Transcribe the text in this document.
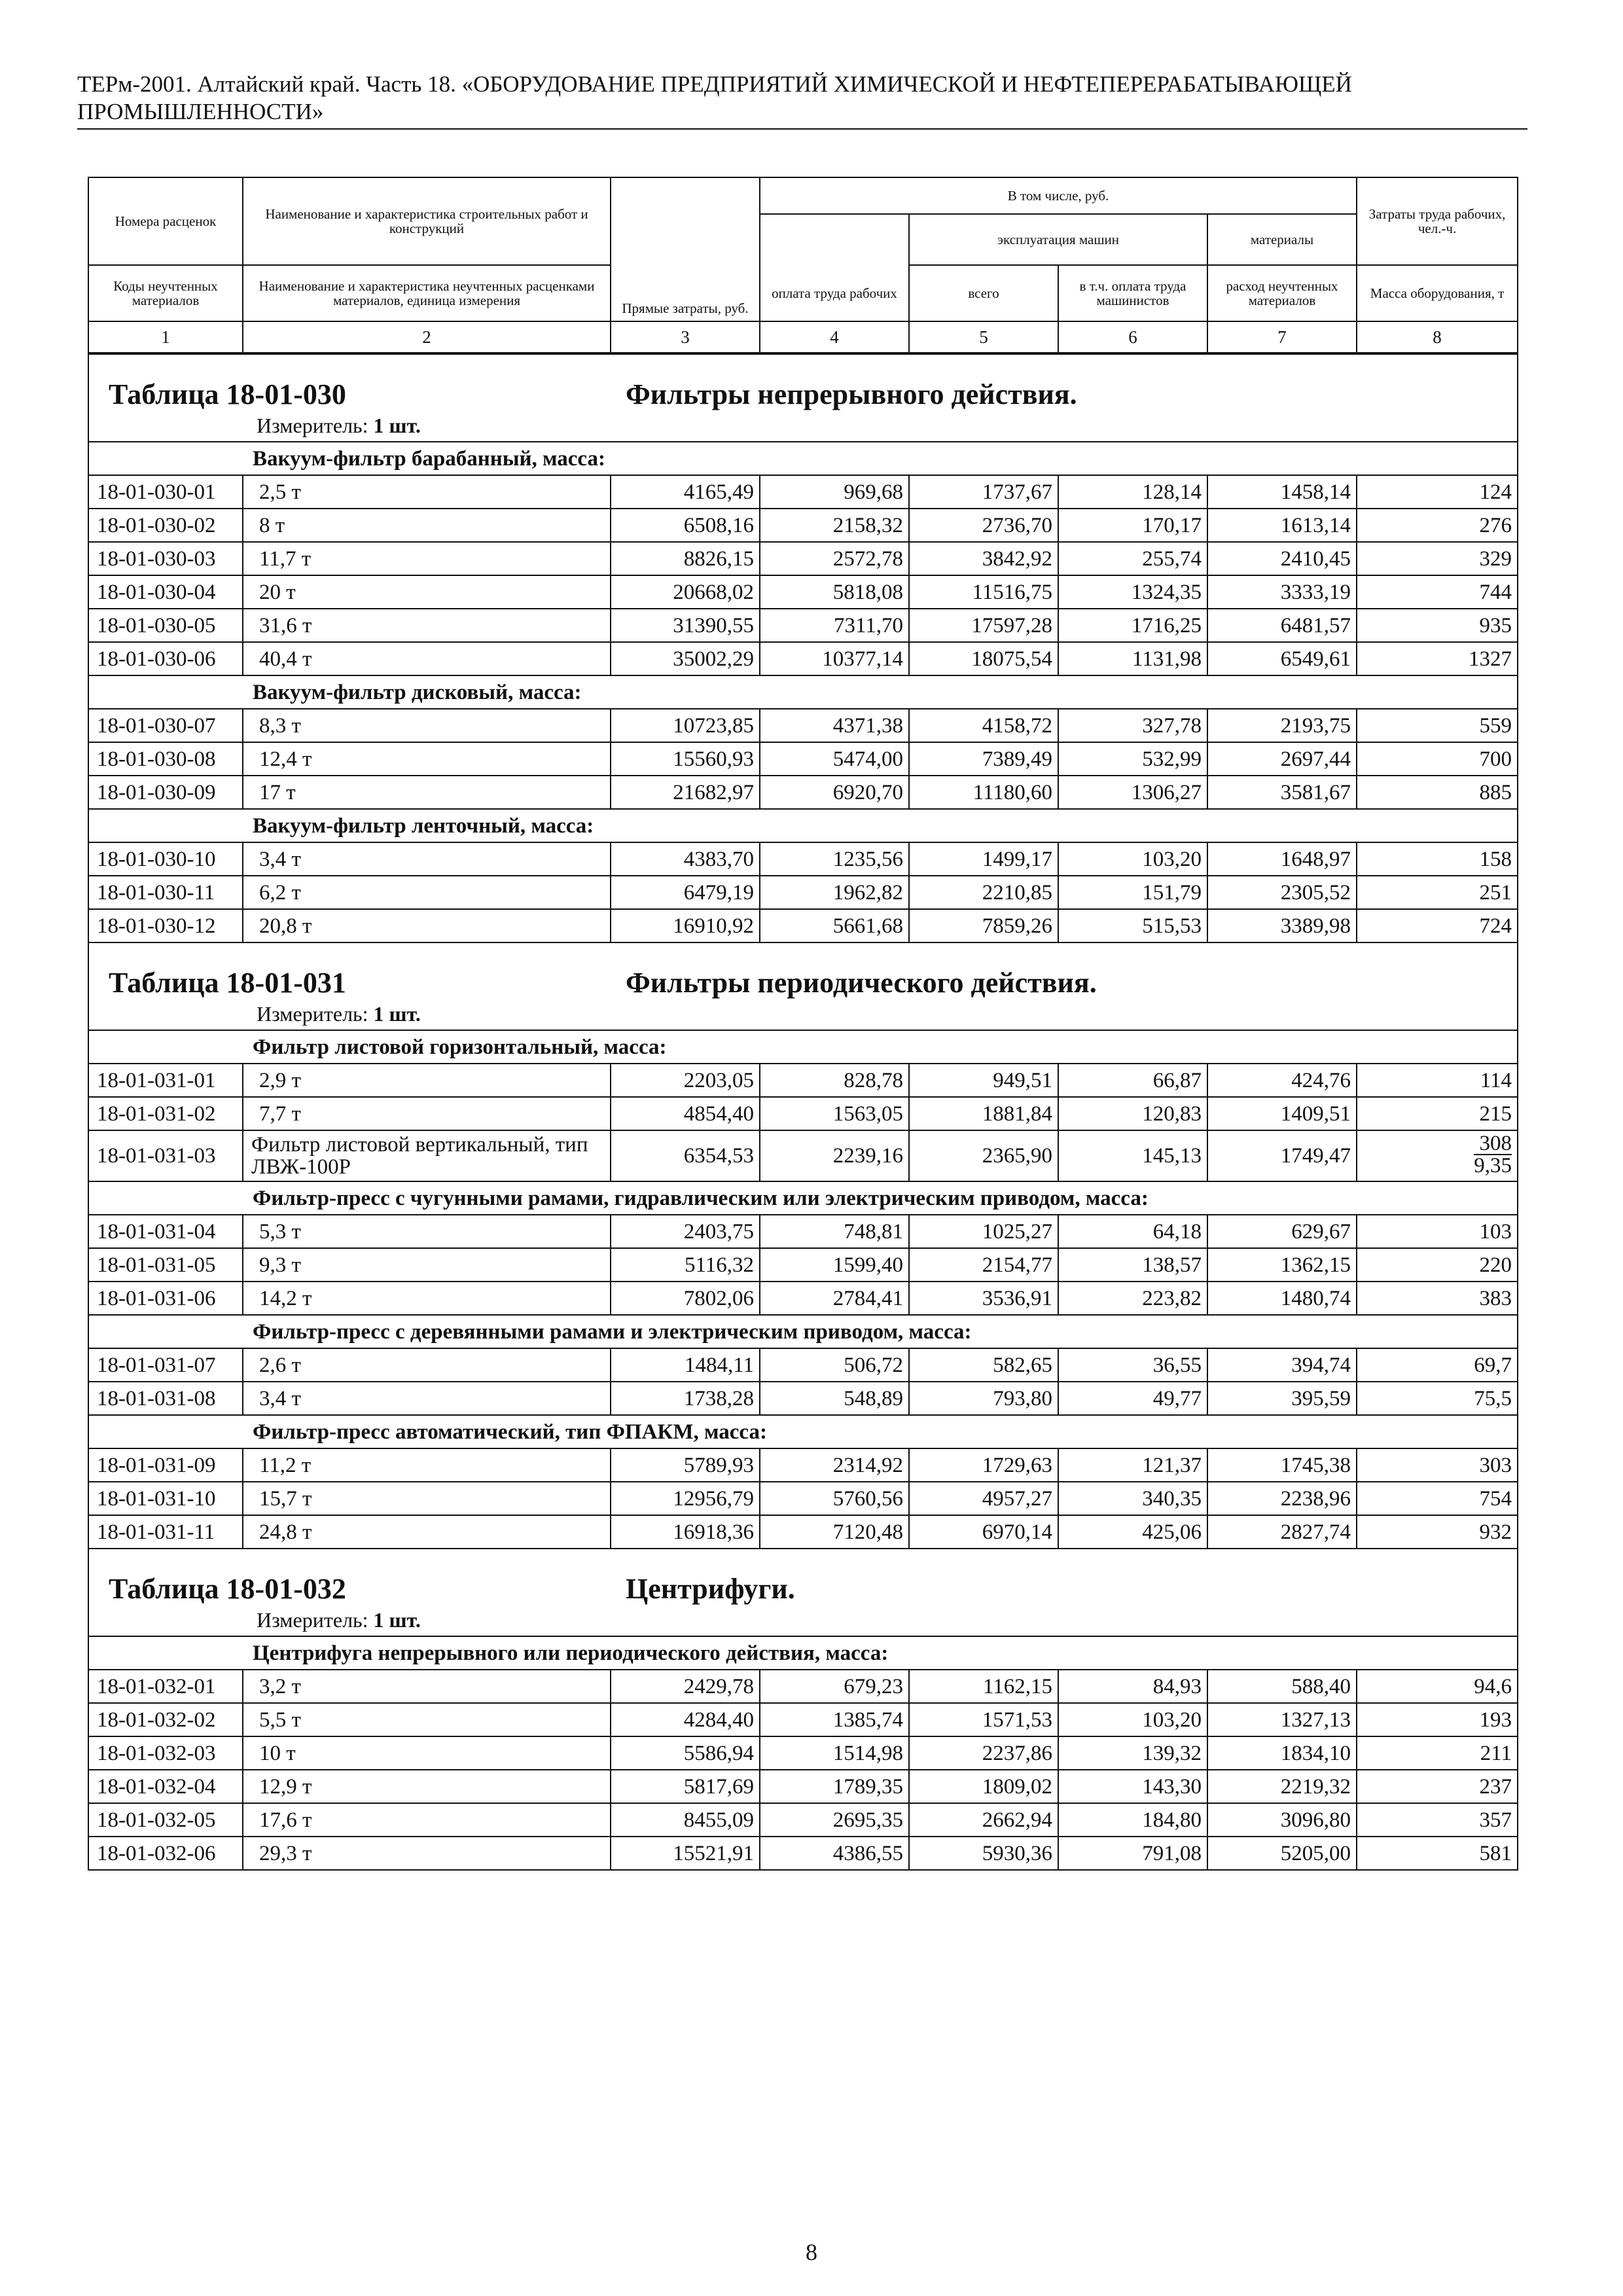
ТЕРм-2001. Алтайский край. Часть 18. «ОБОРУДОВАНИЕ ПРЕДПРИЯТИЙ ХИМИЧЕСКОЙ И НЕФТЕПЕРЕРАБАТЫВАЮЩЕЙ ПРОМЫШЛЕННОСТИ»
Номера расценок	Наименование и характеристика строительных работ и конструкций	Прямые затраты, руб.	В том числе, руб.				Затраты труда рабочих, чел.-ч.
				эксплуатация машин		материалы	
Коды неучтенных материалов	Наименование и характеристика неучтенных расценками материалов, единица измерения		оплата труда рабочих	всего	в т.ч. оплата труда машинистов	расход неучтенных материалов	Масса оборудования, т
1	2	3	4	5	6	7	8
Таблица 18-01-030 Фильтры непрерывного действия.							

Измеритель: 1 шт.							

Вакуум-фильтр барабанный, масса:							
18-01-030-01	2,5 т	4165,49	969,68	1737,67	128,14	1458,14	124
18-01-030-02	8 т	6508,16	2158,32	2736,70	170,17	1613,14	276
18-01-030-03	11,7 т	8826,15	2572,78	3842,92	255,74	2410,45	329
18-01-030-04	20 т	20668,02	5818,08	11516,75	1324,35	3333,19	744
18-01-030-05	31,6 т	31390,55	7311,70	17597,28	1716,25	6481,57	935
18-01-030-06	40,4 т	35002,29	10377,14	18075,54	1131,98	6549,61	1327
Вакуум-фильтр дисковый, масса:							
18-01-030-07	8,3 т	10723,85	4371,38	4158,72	327,78	2193,75	559
18-01-030-08	12,4 т	15560,93	5474,00	7389,49	532,99	2697,44	700
18-01-030-09	17 т	21682,97	6920,70	11180,60	1306,27	3581,67	885
Вакуум-фильтр ленточный, масса:							
18-01-030-10	3,4 т	4383,70	1235,56	1499,17	103,20	1648,97	158
18-01-030-11	6,2 т	6479,19	1962,82	2210,85	151,79	2305,52	251
18-01-030-12	20,8 т	16910,92	5661,68	7859,26	515,53	3389,98	724

Таблица 18-01-031 Фильтры периодического действия.							

Измеритель: 1 шт.							

Фильтр листовой горизонтальный, масса:							
18-01-031-01	2,9 т	2203,05	828,78	949,51	66,87	424,76	114
18-01-031-02	7,7 т	4854,40	1563,05	1881,84	120,83	1409,51	215
18-01-031-03	Фильтр листовой вертикальный, тип ЛВЖ-100Р	6354,53	2239,16	2365,90	145,13	1749,47	$\frac{308}{9,35}$

Фильтр-пресс с чугунными рамами, гидравлическим или электрическим приводом, масса:							
18-01-031-04	5,3 т	2403,75	748,81	1025,27	64,18	629,67	103
18-01-031-05	9,3 т	5116,32	1599,40	2154,77	138,57	1362,15	220
18-01-031-06	14,2 т	7802,06	2784,41	3536,91	223,82	1480,74	383
Фильтр-пресс с деревянными рамами и электрическим приводом, масса:							
18-01-031-07	2,6 т	1484,11	506,72	582,65	36,55	394,74	69,7
18-01-031-08	3,4 т	1738,28	548,89	793,80	49,77	395,59	75,5
Фильтр-пресс автоматический, тип ФПАКМ, масса:							
18-01-031-09	11,2 т	5789,93	2314,92	1729,63	121,37	1745,38	303
18-01-031-10	15,7 т	12956,79	5760,56	4957,27	340,35	2238,96	754
18-01-031-11	24,8 т	16918,36	7120,48	6970,14	425,06	2827,74	932

Таблица 18-01-032 Центрифуги.							

Измеритель: 1 шт.							

Центрифуга непрерывного или периодического действия, масса:							
18-01-032-01	3,2 т	2429,78	679,23	1162,15	84,93	588,40	94,6
18-01-032-02	5,5 т	4284,40	1385,74	1571,53	103,20	1327,13	193
18-01-032-03	10 т	5586,94	1514,98	2237,86	139,32	1834,10	211
18-01-032-04	12,9 т	5817,69	1789,35	1809,02	143,30	2219,32	237
18-01-032-05	17,6 т	8455,09	2695,35	2662,94	184,80	3096,80	357
18-01-032-06	29,3 т	15521,91	4386,55	5930,36	791,08	5205,00	581
8
